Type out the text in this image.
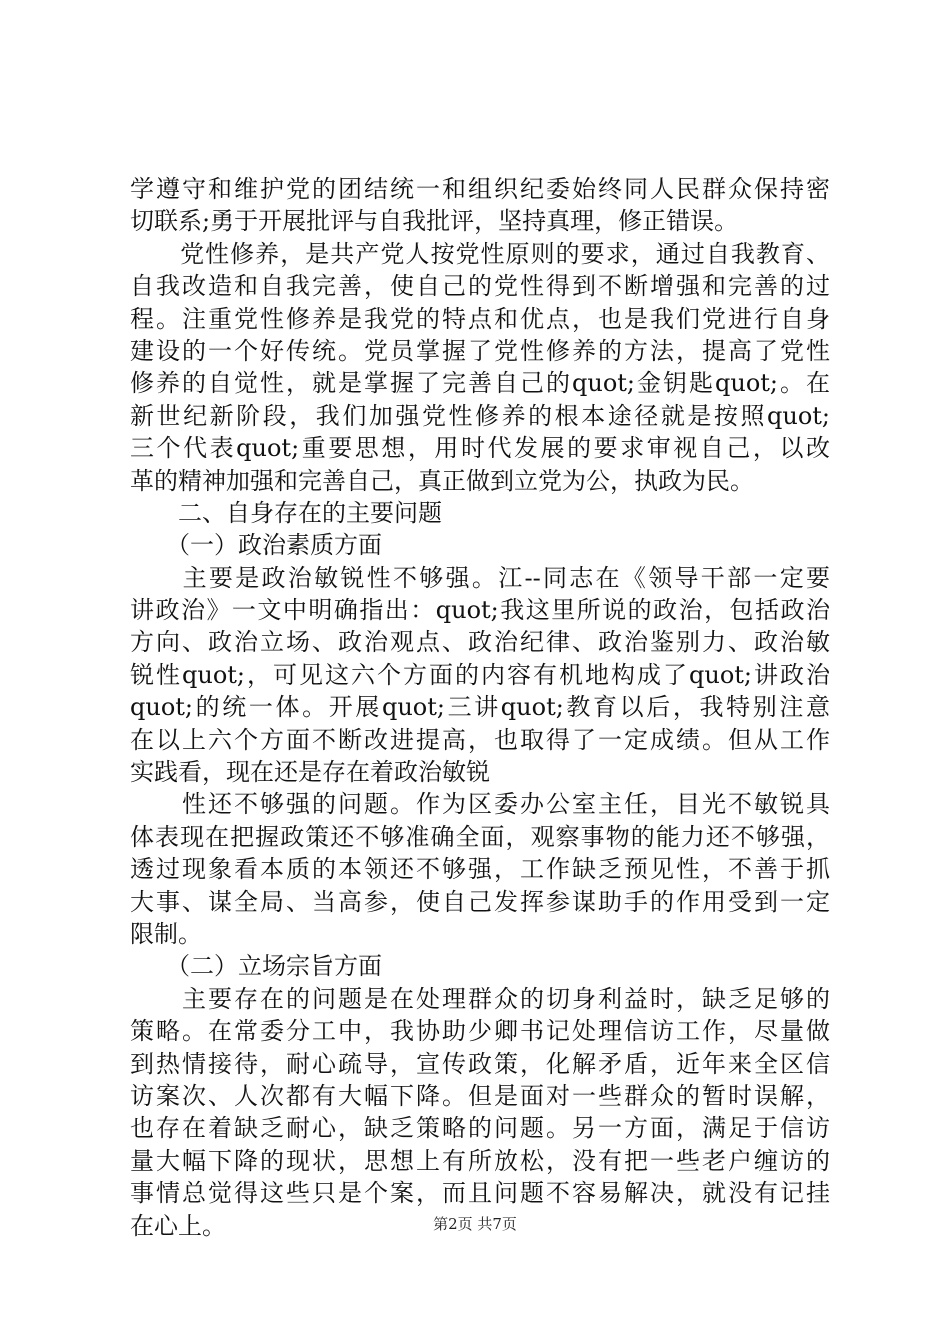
学遵守和维护党的团结统一和组织纪委始终同人民群众保持密
切联系;勇于开展批评与自我批评，坚持真理，修正错误。
　　党性修养，是共产党人按党性原则的要求，通过自我教育、
自我改造和自我完善，使自己的党性得到不断增强和完善的过
程。注重党性修养是我党的特点和优点，也是我们党进行自身
建设的一个好传统。党员掌握了党性修养的方法，提高了党性
修养的自觉性，就是掌握了完善自己的quot;金钥匙quot;。在
新世纪新阶段，我们加强党性修养的根本途径就是按照quot;
三个代表quot;重要思想，用时代发展的要求审视自己，以改
革的精神加强和完善自己，真正做到立党为公，执政为民。
　　二、自身存在的主要问题
　　（一）政治素质方面
　　主要是政治敏锐性不够强。江--同志在《领导干部一定要
讲政治》一文中明确指出：quot;我这里所说的政治，包括政治
方向、政治立场、政治观点、政治纪律、政治鉴别力、政治敏
锐性quot;，可见这六个方面的内容有机地构成了quot;讲政治
quot;的统一体。开展quot;三讲quot;教育以后，我特别注意
在以上六个方面不断改进提高，也取得了一定成绩。但从工作
实践看，现在还是存在着政治敏锐
　　性还不够强的问题。作为区委办公室主任，目光不敏锐具
体表现在把握政策还不够准确全面，观察事物的能力还不够强，
透过现象看本质的本领还不够强，工作缺乏预见性，不善于抓
大事、谋全局、当高参，使自己发挥参谋助手的作用受到一定
限制。
　　（二）立场宗旨方面
　　主要存在的问题是在处理群众的切身利益时，缺乏足够的
策略。在常委分工中，我协助少卿书记处理信访工作，尽量做
到热情接待，耐心疏导，宣传政策，化解矛盾，近年来全区信
访案次、人次都有大幅下降。但是面对一些群众的暂时误解，
也存在着缺乏耐心，缺乏策略的问题。另一方面，满足于信访
量大幅下降的现状，思想上有所放松，没有把一些老户缠访的
事情总觉得这些只是个案，而且问题不容易解决，就没有记挂
在心上。	第2页 共7页
